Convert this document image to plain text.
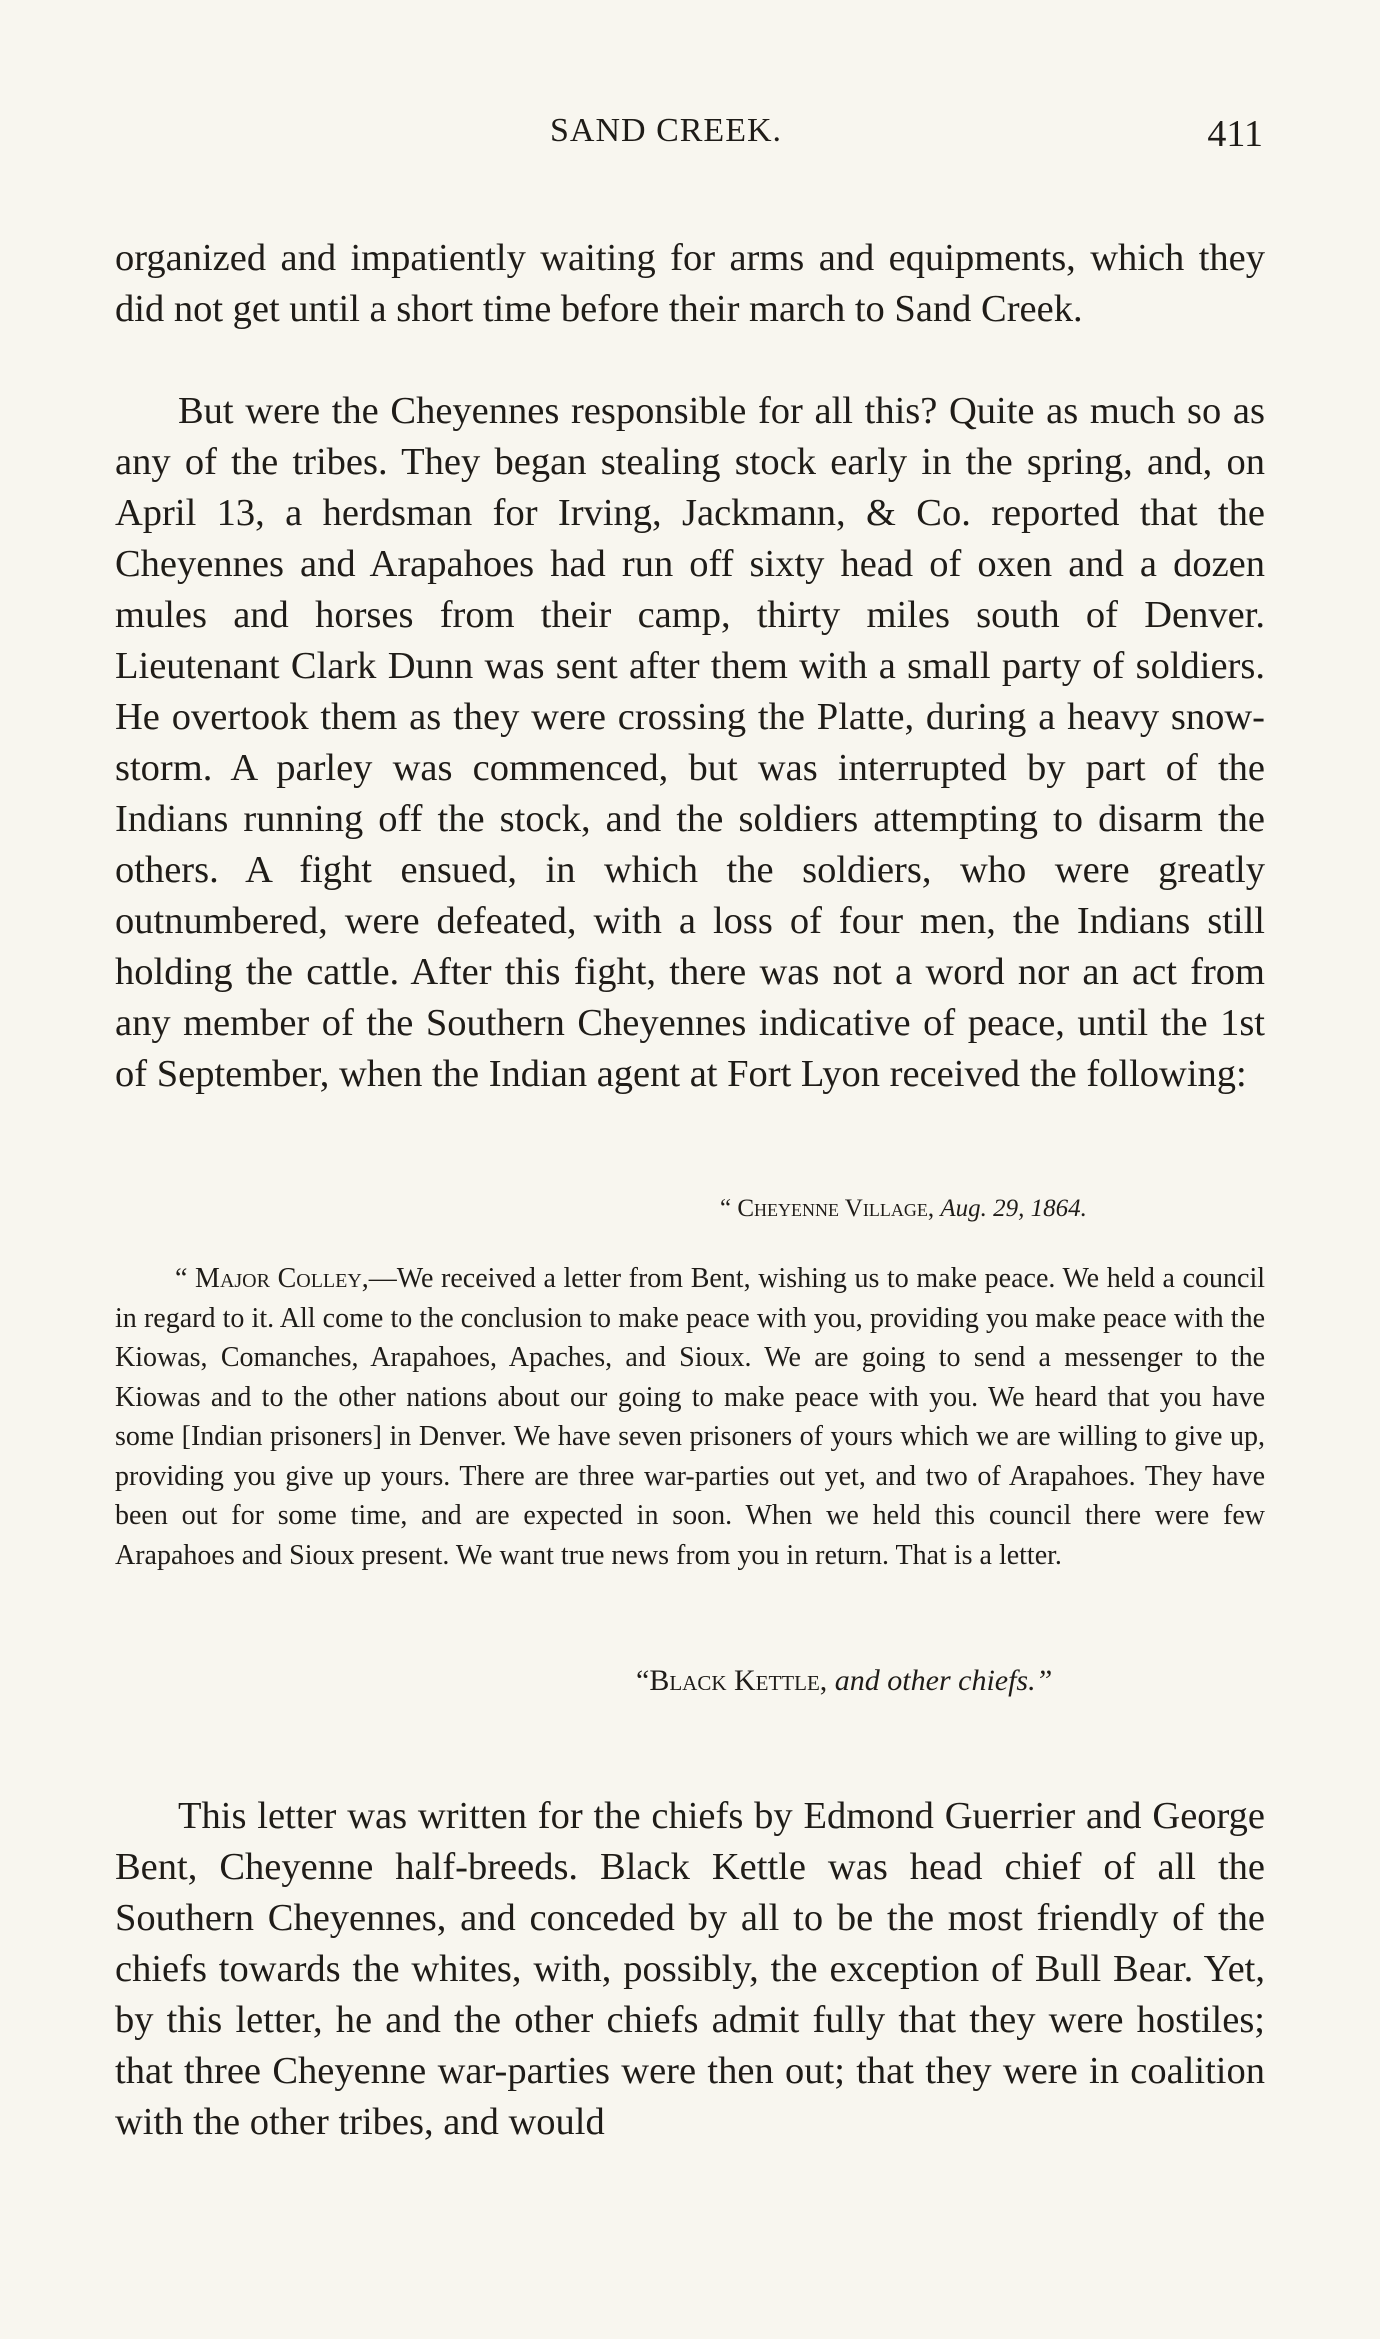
SAND CREEK.	411

organized and impatiently waiting for arms and equipments, which they did not get until a short time before their march to Sand Creek.

But were the Cheyennes responsible for all this? Quite as much so as any of the tribes. They began stealing stock early in the spring, and, on April 13, a herdsman for Irving, Jackmann, & Co. reported that the Cheyennes and Arapahoes had run off sixty head of oxen and a dozen mules and horses from their camp, thirty miles south of Denver. Lieutenant Clark Dunn was sent after them with a small party of soldiers. He overtook them as they were crossing the Platte, during a heavy snow-storm. A parley was commenced, but was interrupted by part of the Indians running off the stock, and the soldiers attempting to disarm the others. A fight ensued, in which the soldiers, who were greatly outnumbered, were defeated, with a loss of four men, the Indians still holding the cattle. After this fight, there was not a word nor an act from any member of the Southern Cheyennes indicative of peace, until the 1st of September, when the Indian agent at Fort Lyon received the following:

“ Cheyenne Village, Aug. 29, 1864.

“ Major Colley,—We received a letter from Bent, wishing us to make peace. We held a council in regard to it. All come to the conclusion to make peace with you, providing you make peace with the Kiowas, Comanches, Arapahoes, Apaches, and Sioux. We are going to send a messenger to the Kiowas and to the other nations about our going to make peace with you. We heard that you have some [Indian prisoners] in Denver. We have seven prisoners of yours which we are willing to give up, providing you give up yours. There are three war-parties out yet, and two of Arapahoes. They have been out for some time, and are expected in soon. When we held this council there were few Arapahoes and Sioux present. We want true news from you in return. That is a letter.

“Black Kettle, and other chiefs.”

This letter was written for the chiefs by Edmond Guerrier and George Bent, Cheyenne half-breeds. Black Kettle was head chief of all the Southern Cheyennes, and conceded by all to be the most friendly of the chiefs towards the whites, with, possibly, the exception of Bull Bear. Yet, by this letter, he and the other chiefs admit fully that they were hostiles; that three Cheyenne war-parties were then out; that they were in coalition with the other tribes, and would
